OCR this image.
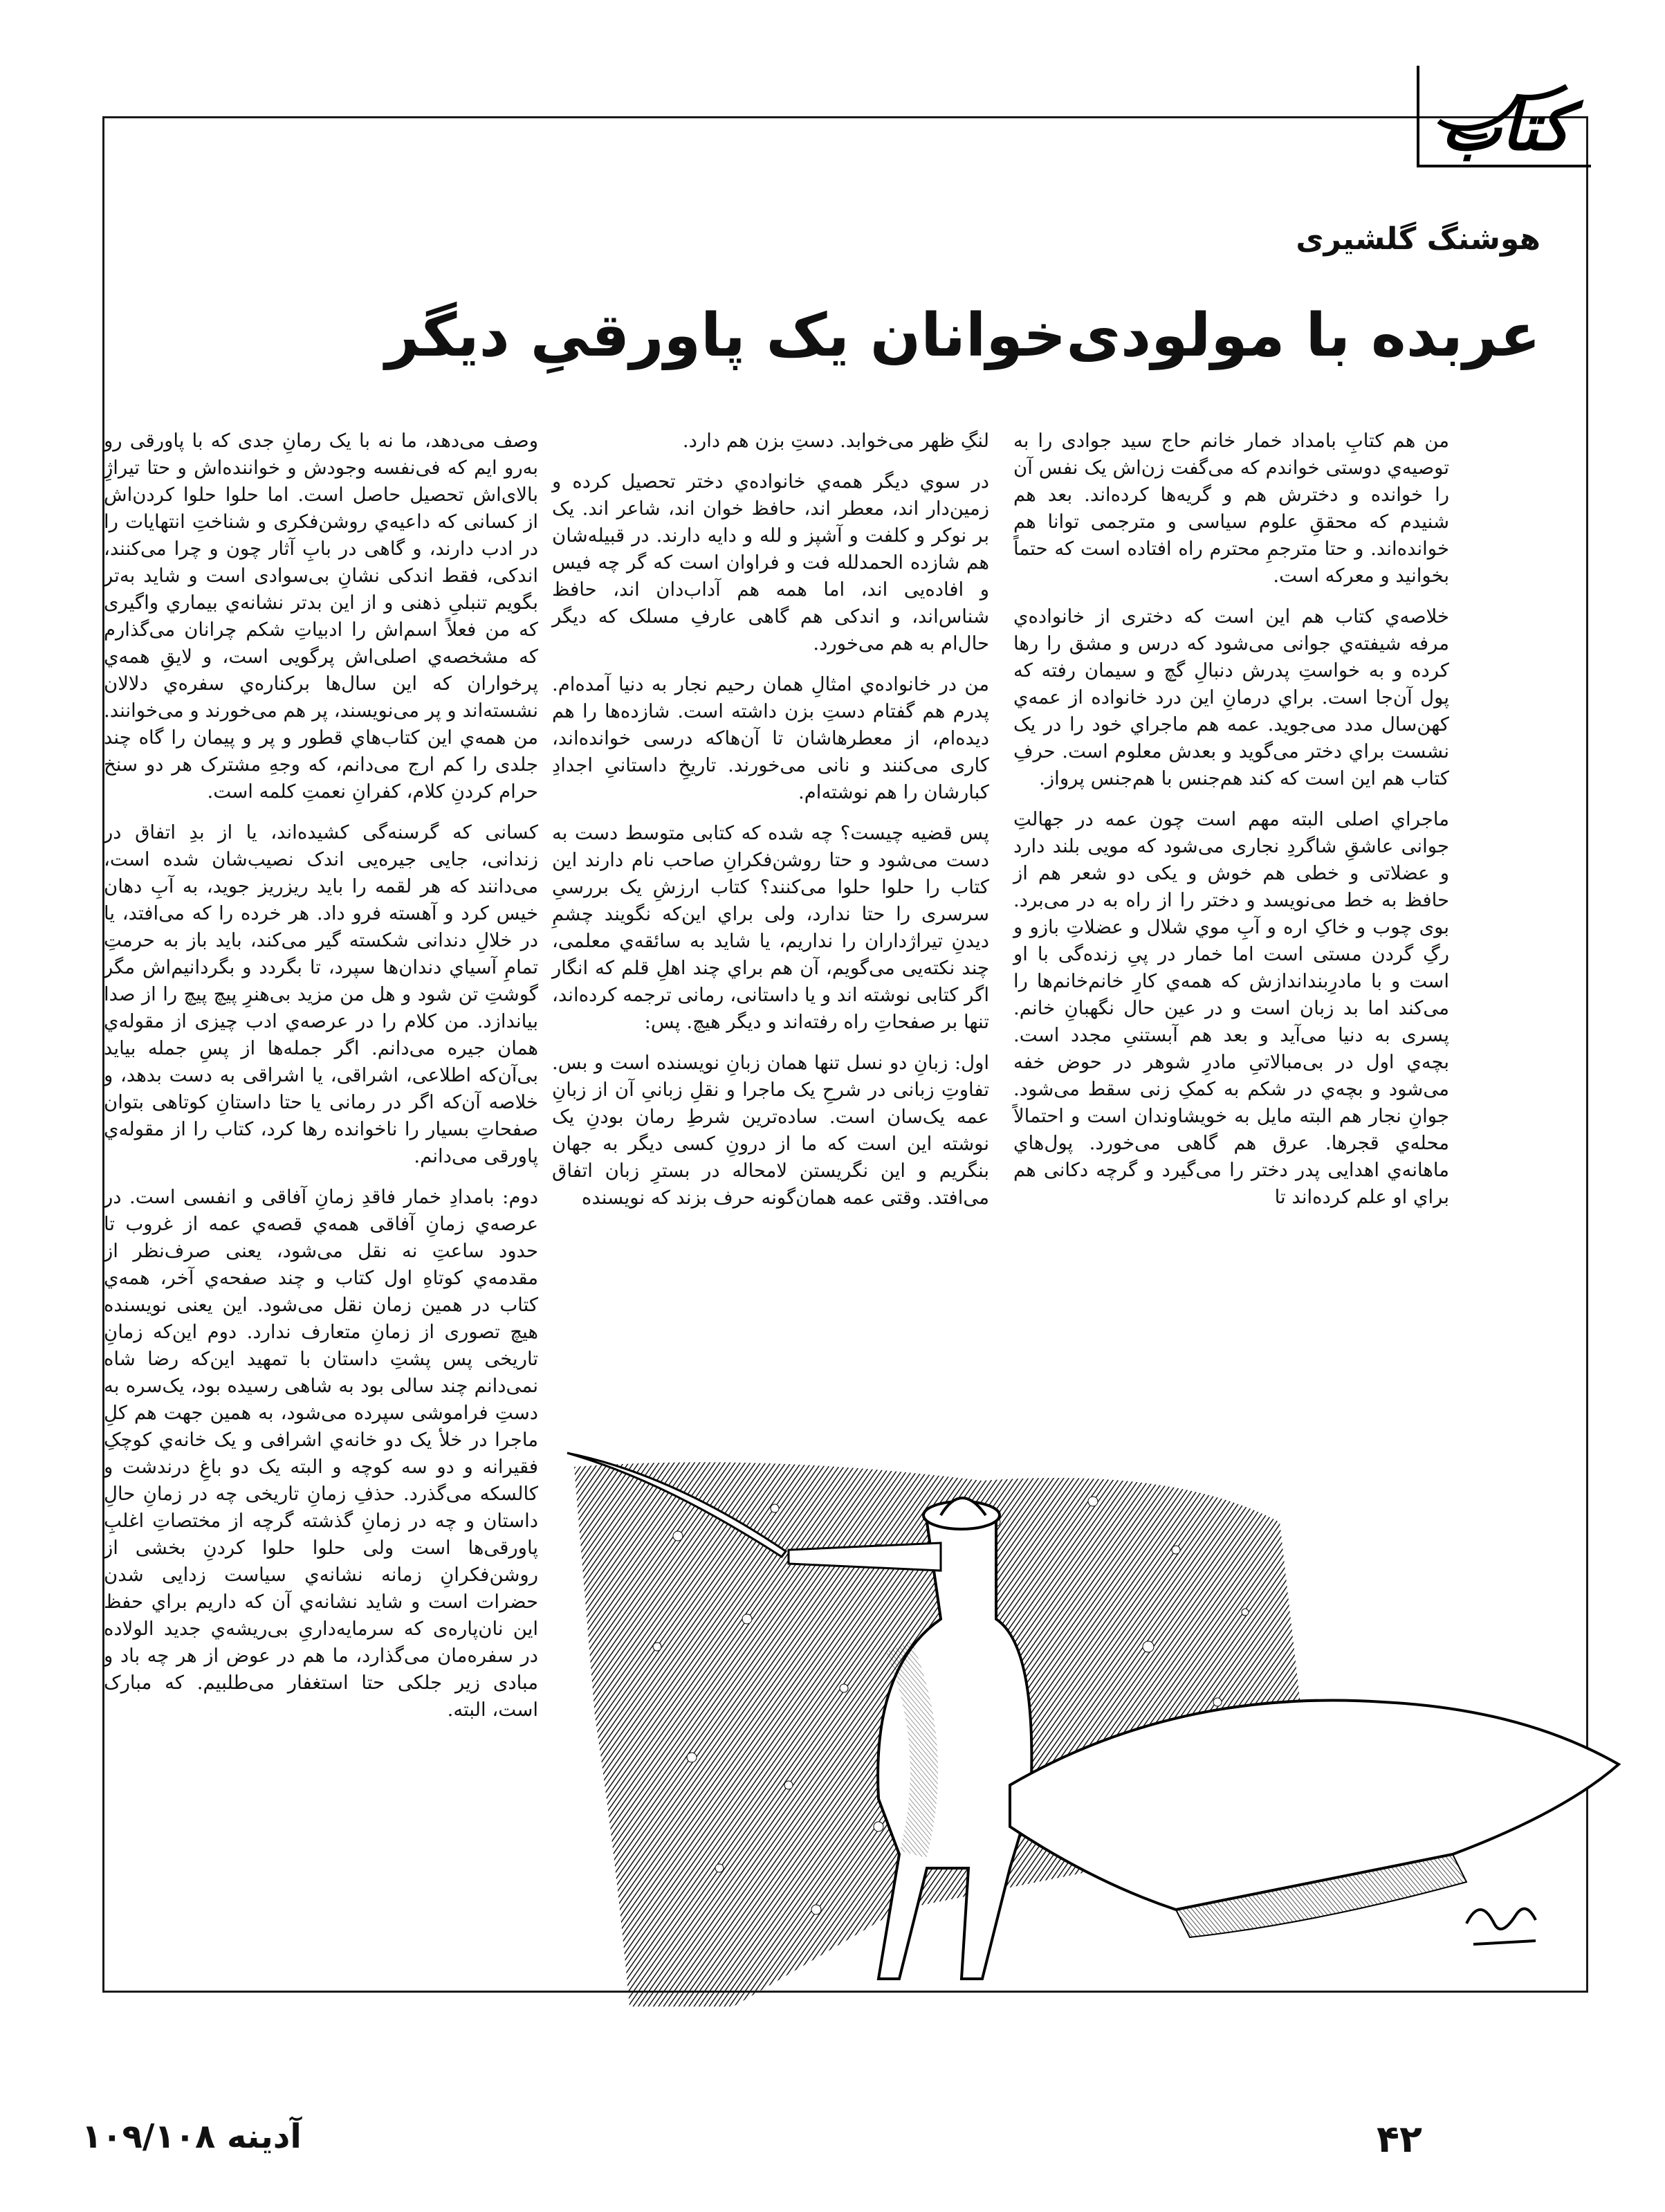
کتاب
هوشنگ گلشیری
عربده با مولودی‌خوانان یک پاورقیِ دیگر

من هم کتابِ بامداد خمار خانم حاج سید جوادی را به توصیه‌ي دوستی خواندم که می‌گفت زن‌اش یک نفس آن را خوانده و دخترش هم و گریه‌ها کرده‌اند. بعد هم شنیدم که محققِ علوم سیاسی و مترجمی توانا هم خوانده‌اند. و حتا مترجمِ محترم راه افتاده است که حتماً بخوانید و معرکه است.

خلاصه‌ي کتاب هم این است که دختری از خانواده‌ي مرفه شیفته‌ي جوانی می‌شود که درس و مشق را رها کرده و به خواستِ پدرش دنبالِ گچ و سیمان رفته که پول آن‌جا است. براي درمانِ این درد خانواده از عمه‌ي کهن‌سال مدد می‌جوید. عمه هم ماجراي خود را در یک نشست براي دختر می‌گوید و بعدش معلوم است. حرفِ کتاب هم این است که کند هم‌جنس با هم‌جنس پرواز.

ماجراي اصلی البته مهم است چون عمه در جهالتِ جوانی عاشقِ شاگردِ نجاری می‌شود که مویی بلند دارد و عضلاتی و خطی هم خوش و یکی دو شعر هم از حافظ به خط می‌نویسد و دختر را از راه به در می‌برد. بوی چوب و خاکِ اره و آبِ موي شلال و عضلاتِ بازو و رگِ گردن مستی است اما خمار در پیِ زنده‌گی با او است و با مادرِبندانداز‌ش که همه‌ي کارِ خانم‌خانم‌ها را می‌کند اما بد زبان است و در عین حال نگهبانِ خانم. پسری به دنیا می‌آید و بعد هم آبستنیِ مجدد است. بچه‌ي اول در بی‌مبالاتیِ مادرِ شوهر در حوض خفه می‌شود و بچه‌ي در شکم به کمکِ زنی سقط می‌شود. جوانِ نجار هم البته مایل به خویشاوندان است و احتمالاً محله‌ي قجرها. عرق هم گاهی می‌خورد. پول‌هاي ماهانه‌ي اهدایی پدر دختر را می‌گیرد و گرچه دکانی هم براي او علم کرده‌اند تا

لنگِ ظهر می‌خوابد. دستِ بزن هم دارد.

در سوي دیگر همه‌ي خانواده‌ي دختر تحصیل کرده و زمین‌دار اند، معطر اند، حافظ خوان اند، شاعر اند. یک بر نوکر و کلفت و آشپز و لله و دایه دارند. در قبیله‌شان هم شازده الحمدلله فت و فراوان است که گر چه فیس و افاده‌یی اند، اما همه هم آداب‌دان اند، حافظ شناس‌اند، و اندکی هم گاهی عارفِ مسلک که دیگر حال‌ام به هم می‌خورد.

من در خانواده‌ي امثالِ همان رحیم نجار به دنیا آمده‌ام. پدرم هم گفتام دستِ بزن داشته است. شازده‌ها را هم دیده‌ام، از معطرهاشان تا آن‌هاکه درسی خوانده‌اند، کاری می‌کنند و نانی می‌خورند. تاریخِ داستانیِ اجدادِ کبارشان را هم نوشته‌ام.

پس قضیه چیست؟ چه شده که کتابی متوسط دست به دست می‌شود و حتا روشن‌فکرانِ صاحب نام دارند این کتاب را حلوا حلوا می‌کنند؟ کتاب ارزشِ یک بررسیِ سرسری را حتا ندارد، ولی براي این‌که نگویند چشمِ دیدنِ تیراژداران را نداریم، یا شاید به سائقه‌ي معلمی، چند نکته‌یی می‌گویم، آن هم براي چند اهلِ قلم که انگار اگر کتابی نوشته اند و یا داستانی، رمانی ترجمه کرده‌اند، تنها بر صفحاتِ راه رفته‌اند و دیگر هیچ. پس:

اول: زبانِ دو نسل تنها همان زبانِ نویسنده است و بس. تفاوتِ زبانی در شرحِ یک ماجرا و نقلِ زبانیِ آن از زبانِ عمه یک‌سان است. ساده‌ترین شرطِ رمان بودنِ یک نوشته این است که ما از درونِ کسی دیگر به جهان بنگریم و این نگریستن لامحاله در بسترِ زبان اتفاق می‌افتد. وقتی عمه همان‌گونه حرف بزند که نویسنده

وصف می‌دهد، ما نه با یک رمانِ جدی که با پاورقی رو به‌رو ایم که فی‌نفسه وجودش و خواننده‌اش و حتا تیراژِ بالای‌اش تحصیل حاصل است. اما حلوا حلوا کردن‌اش از کسانی که داعیه‌ي روشن‌فکری و شناختِ انتهایات را در ادب دارند، و گاهی در بابِ آثار چون و چرا می‌کنند، اندکی، فقط اندکی نشانِ بی‌سوادی است و شاید به‌تر بگویم تنبلیِ ذهنی و از این بدتر نشانه‌ي بیماري واگیری که من فعلاً اسم‌اش را ادبیاتِ شکم چرانان می‌گذارم که مشخصه‌ي اصلی‌اش پرگویی است، و لایقِ همه‌ي پرخواران که این سال‌ها برکناره‌ي سفره‌ي دلالان نشسته‌اند و پر می‌نویسند، پر هم می‌خورند و می‌خوانند. من همه‌ي این کتاب‌هاي قطور و پر و پیمان را گاه چند جلدی را کم ارج می‌دانم، که وجهِ مشترک هر دو سنخ حرام کردنِ کلام، کفرانِ نعمتِ کلمه است.

کسانی که گرسنه‌گی کشیده‌اند، یا از بدِ اتفاق در زندانی، جایی جیره‌یی اندک نصیب‌شان شده است، می‌دانند که هر لقمه را باید ریزریز جوید، به آبِ دهان خیس کرد و آهسته فرو داد. هر خرده را که می‌افتد، یا در خلالِ دندانی شکسته گیر می‌کند، باید باز به حرمتِ تمامِ آسیاي دندان‌ها سپرد، تا بگردد و بگردانیم‌اش مگر گوشتِ تن شود و هل من مزید بی‌هنرِ پیچ پیچ را از صدا بیاندازد. من کلام را در عرصه‌ي ادب چیزی از مقوله‌ي همان جیره می‌دانم. اگر جمله‌ها از پسِ جمله بیاید بی‌آن‌که اطلاعی، اشراقی، یا اشراقی به دست بدهد، و خلاصه آن‌که اگر در رمانی یا حتا داستانِ کوتاهی بتوان صفحاتِ بسیار را ناخوانده رها کرد، کتاب را از مقوله‌ي پاورقی می‌دانم.

دوم: بامدادِ خمار فاقدِ زمانِ آفاقی و انفسی است. در عرصه‌ي زمانِ آفاقی همه‌ي قصه‌ي عمه از غروب تا حدود ساعتِ نه نقل می‌شود، یعنی صرف‌نظر از مقدمه‌ي کوتاهِ اول کتاب و چند صفحه‌ي آخر، همه‌ي کتاب در همین زمان نقل می‌شود. این یعنی نویسنده هیچ تصوری از زمانِ متعارف ندارد. دوم این‌که زمانِ تاریخی پس پشتِ داستان با تمهید این‌که رضا شاه نمی‌دانم چند سالی بود به شاهی رسیده بود، یک‌سره به دستِ فراموشی سپرده می‌شود، به همین جهت هم کلِ ماجرا در خلأ یک دو خانه‌ي اشرافی و یک خانه‌ي کوچکِ فقیرانه و دو سه کوچه و البته یک دو باغِ درندشت و کالسکه می‌گذرد. حذفِ زمانِ تاریخی چه در زمانِ حالِ داستان و چه در زمانِ گذشته گرچه از مختصاتِ اغلبِ پاورقی‌ها است ولی حلوا حلوا کردنِ بخشی از روشن‌فکرانِ زمانه نشانه‌ي سیاست زدایی شدن حضرات است و شاید نشانه‌ي آن که داریم براي حفظ این نان‌پاره‌ی که سرمایه‌داریِ بی‌ریشه‌ي جدید الولاده در سفره‌مان می‌گذارد، ما هم در عوض از هر چه باد و مبادی زیر جلکی حتا استغفار می‌طلبیم. که مبارک است، البته.

آدینه ۱۰۹/۱۰۸	۴۲
